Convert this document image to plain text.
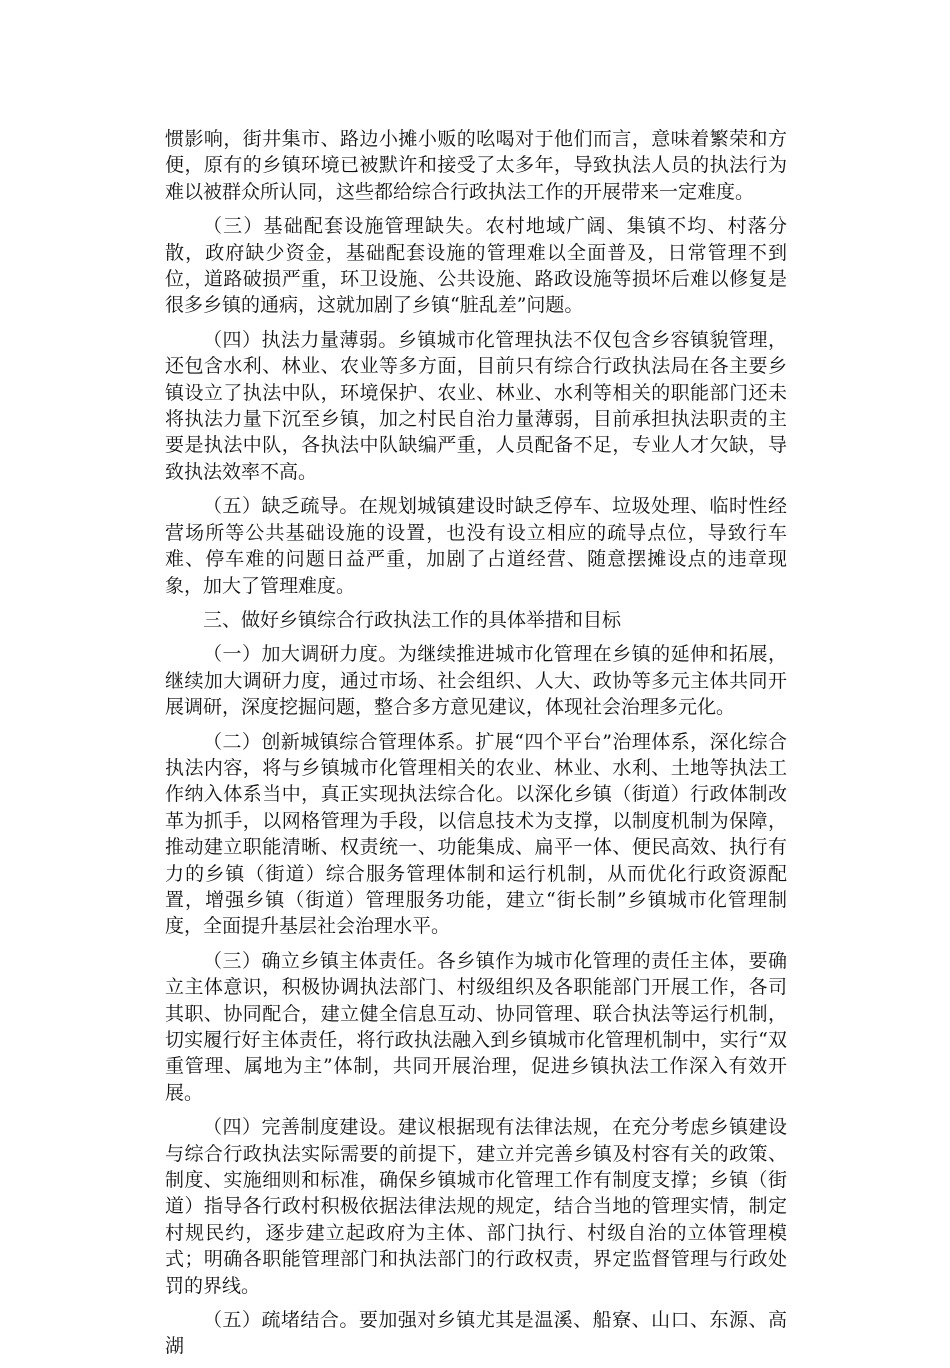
惯影响，街井集市、路边小摊小贩的吆喝对于他们而言，意味着繁荣和方便，原有的乡镇环境已被默许和接受了太多年，导致执法人员的执法行为难以被群众所认同，这些都给综合行政执法工作的开展带来一定难度。

（三）基础配套设施管理缺失。农村地域广阔、集镇不均、村落分散，政府缺少资金，基础配套设施的管理难以全面普及，日常管理不到位，道路破损严重，环卫设施、公共设施、路政设施等损坏后难以修复是很多乡镇的通病，这就加剧了乡镇“脏乱差”问题。

（四）执法力量薄弱。乡镇城市化管理执法不仅包含乡容镇貌管理，还包含水利、林业、农业等多方面，目前只有综合行政执法局在各主要乡镇设立了执法中队，环境保护、农业、林业、水利等相关的职能部门还未将执法力量下沉至乡镇，加之村民自治力量薄弱，目前承担执法职责的主要是执法中队，各执法中队缺编严重，人员配备不足，专业人才欠缺，导致执法效率不高。

（五）缺乏疏导。在规划城镇建设时缺乏停车、垃圾处理、临时性经营场所等公共基础设施的设置，也没有设立相应的疏导点位，导致行车难、停车难的问题日益严重，加剧了占道经营、随意摆摊设点的违章现象，加大了管理难度。

三、做好乡镇综合行政执法工作的具体举措和目标

（一）加大调研力度。为继续推进城市化管理在乡镇的延伸和拓展，继续加大调研力度，通过市场、社会组织、人大、政协等多元主体共同开展调研，深度挖掘问题，整合多方意见建议，体现社会治理多元化。

（二）创新城镇综合管理体系。扩展“四个平台”治理体系，深化综合执法内容，将与乡镇城市化管理相关的农业、林业、水利、土地等执法工作纳入体系当中，真正实现执法综合化。以深化乡镇（街道）行政体制改革为抓手，以网格管理为手段，以信息技术为支撑，以制度机制为保障，推动建立职能清晰、权责统一、功能集成、扁平一体、便民高效、执行有力的乡镇（街道）综合服务管理体制和运行机制，从而优化行政资源配置，增强乡镇（街道）管理服务功能，建立“街长制”乡镇城市化管理制度，全面提升基层社会治理水平。

（三）确立乡镇主体责任。各乡镇作为城市化管理的责任主体，要确立主体意识，积极协调执法部门、村级组织及各职能部门开展工作，各司其职、协同配合，建立健全信息互动、协同管理、联合执法等运行机制，切实履行好主体责任，将行政执法融入到乡镇城市化管理机制中，实行“双重管理、属地为主”体制，共同开展治理，促进乡镇执法工作深入有效开展。

（四）完善制度建设。建议根据现有法律法规，在充分考虑乡镇建设与综合行政执法实际需要的前提下，建立并完善乡镇及村容有关的政策、制度、实施细则和标准，确保乡镇城市化管理工作有制度支撑；乡镇（街道）指导各行政村积极依据法律法规的规定，结合当地的管理实情，制定村规民约，逐步建立起政府为主体、部门执行、村级自治的立体管理模式；明确各职能管理部门和执法部门的行政权责，界定监督管理与行政处罚的界线。

（五）疏堵结合。要加强对乡镇尤其是温溪、船寮、山口、东源、高湖
